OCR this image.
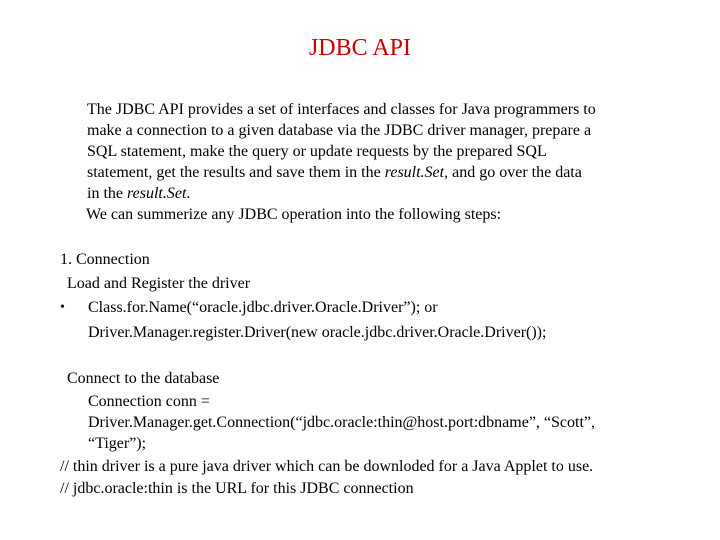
JDBC API
The JDBC API provides a set of interfaces and classes for Java programmers to
make a connection to a given database via the JDBC driver manager, prepare a
SQL statement, make the query or update requests by the prepared SQL
statement, get the results and save them in the result.Set, and go over the data
in the result.Set.
We can summerize any JDBC operation into the following steps:
1. Connection
Load and Register the driver
• Class.for.Name(“oracle.jdbc.driver.Oracle.Driver”); or
Driver.Manager.register.Driver(new oracle.jdbc.driver.Oracle.Driver());
Connect to the database
Connection conn =
Driver.Manager.get.Connection(“jdbc.oracle:thin@host.port:dbname”, “Scott”,
“Tiger”);
// thin driver is a pure java driver which can be downloded for a Java Applet to use.
// jdbc.oracle:thin is the URL for this JDBC connection
